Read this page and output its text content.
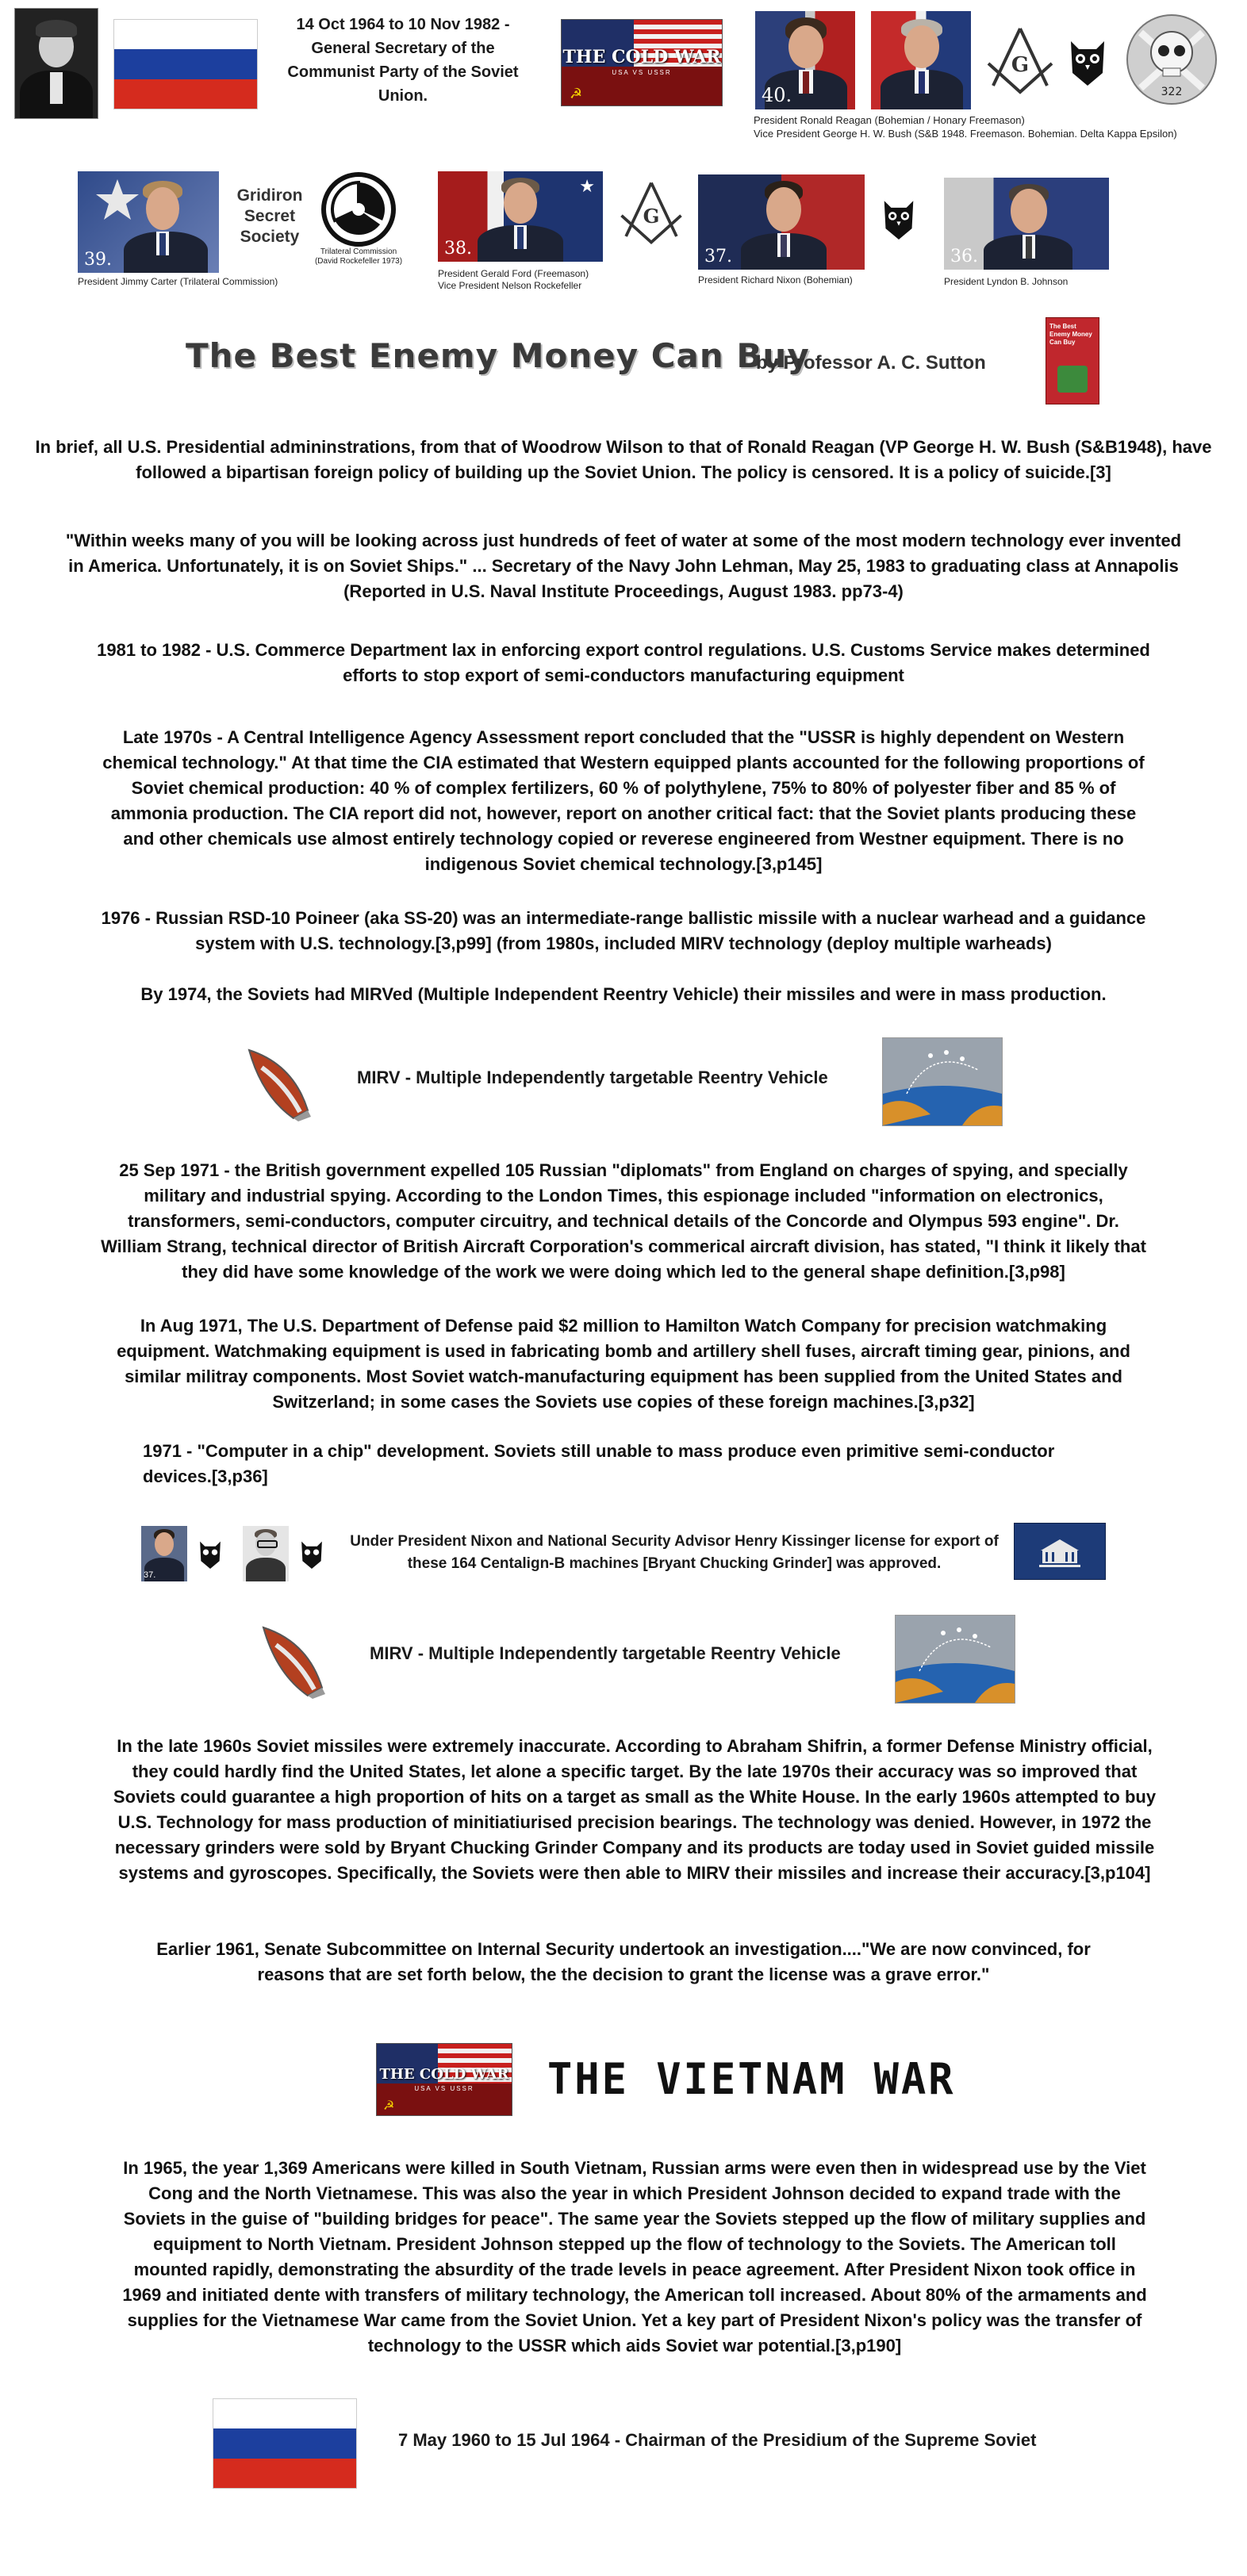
14 Oct 1964 to 10 Nov 1982 - General Secretary of the Communist Party of the Soviet Union.
THE COLD WAR
USA VS USSR
☭	40.
G
322
President Ronald Reagan (Bohemian / Honary Freemason)
Vice President George H. W. Bush (S&B 1948. Freemason. Bohemian. Delta Kappa Epsilon)
39.
President Jimmy Carter (Trilateral Commission)
Gridiron Secret Society
Trilateral Commission (David Rockefeller 1973)
★
38.
President Gerald Ford (Freemason)
Vice President Nelson Rockefeller
G
37.
President Richard Nixon (Bohemian)
36.
President Lyndon B. Johnson
The Best Enemy Money Can Buy
by Professor A. C. Sutton
The Best Enemy Money Can Buy
In brief, all U.S. Presidential admininstrations, from that of Woodrow Wilson to that of Ronald Reagan (VP George H. W. Bush (S&B1948), have followed a bipartisan foreign policy of building up the Soviet Union. The policy is censored. It is a policy of suicide.[3]
"Within weeks many of you will be looking across just hundreds of feet of water at some of the most modern technology ever invented in America. Unfortunately, it is on Soviet Ships." ... Secretary of the Navy John Lehman, May 25, 1983 to graduating class at Annapolis (Reported in U.S. Naval Institute Proceedings, August 1983. pp73-4)
1981 to 1982 - U.S. Commerce Department lax in enforcing export control regulations. U.S. Customs Service makes determined efforts to stop export of semi-conductors manufacturing equipment
Late 1970s - A Central Intelligence Agency Assessment report concluded that the "USSR is highly dependent on Western chemical technology." At that time the CIA estimated that Western equipped plants accounted for the following proportions of Soviet chemical production: 40 % of complex fertilizers, 60 % of polythylene, 75% to 80% of polyester fiber and 85 % of ammonia production. The CIA report did not, however, report on another critical fact: that the Soviet plants producing these and other chemicals use almost entirely technology copied or reverese engineered from Westner equipment. There is no indigenous Soviet chemical technology.[3,p145]
1976 - Russian RSD-10 Poineer (aka SS-20) was an intermediate-range ballistic missile with a nuclear warhead and a guidance system with U.S. technology.[3,p99] (from 1980s, included MIRV technology (deploy multiple warheads)
By 1974, the Soviets had MIRVed (Multiple Independent Reentry Vehicle) their missiles and were in mass production.
MIRV - Multiple Independently targetable Reentry Vehicle
25 Sep 1971 - the British government expelled 105 Russian "diplomats" from England on charges of spying, and specially military and industrial spying. According to the London Times, this espionage included "information on electronics, transformers, semi-conductors, computer circuitry, and technical details of the Concorde and Olympus 593 engine". Dr. William Strang, technical director of British Aircraft Corporation's commerical aircraft division, has stated, "I think it likely that they did have some knowledge of the work we were doing which led to the general shape definition.[3,p98]
In Aug 1971, The U.S. Department of Defense paid $2 million to Hamilton Watch Company for precision watchmaking equipment. Watchmaking equipment is used in fabricating bomb and artillery shell fuses, aircraft timing gear, pinions, and similar militray components. Most Soviet watch-manufacturing equipment has been supplied from the United States and Switzerland; in some cases the Soviets use copies of these foreign machines.[3,p32]
1971 - "Computer in a chip" development. Soviets still unable to mass produce even primitive semi-conductor devices.[3,p36]
37.
Under President Nixon and National Security Advisor Henry Kissinger license for export of these 164 Centalign-B machines [Bryant Chucking Grinder] was approved.
MIRV - Multiple Independently targetable Reentry Vehicle
In the late 1960s Soviet missiles were extremely inaccurate. According to Abraham Shifrin, a former Defense Ministry official, they could hardly find the United States, let alone a specific target. By the late 1970s their accuracy was so improved that Soviets could guarantee a high proportion of hits on a target as small as the White House. In the early 1960s attempted to buy U.S. Technology for mass production of minitiatiurised precision bearings. The technology was denied. However, in 1972 the necessary grinders were sold by Bryant Chucking Grinder Company and its products are today used in Soviet guided missile systems and gyroscopes. Specifically, the Soviets were then able to MIRV their missiles and increase their accuracy.[3,p104]
Earlier 1961, Senate Subcommittee on Internal Security undertook an investigation...."We are now convinced, for reasons that are set forth below, the the decision to grant the license was a grave error."
THE COLD WAR
USA VS USSR
☭
THE VIETNAM WAR
In 1965, the year 1,369 Americans were killed in South Vietnam, Russian arms were even then in widespread use by the Viet Cong and the North Vietnamese. This was also the year in which President Johnson decided to expand trade with the Soviets in the guise of "building bridges for peace". The same year the Soviets stepped up the flow of military supplies and equipment to North Vietnam. President Johnson stepped up the flow of technology to the Soviets. The American toll mounted rapidly, demonstrating the absurdity of the trade levels in peace agreement. After President Nixon took office in 1969 and initiated dente with transfers of military technology, the American toll increased. About 80% of the armaments and supplies for the Vietnamese War came from the Soviet Union. Yet a key part of President Nixon's policy was the transfer of technology to the USSR which aids Soviet war potential.[3,p190]
7 May 1960 to 15 Jul 1964 - Chairman of the Presidium of the Supreme Soviet
